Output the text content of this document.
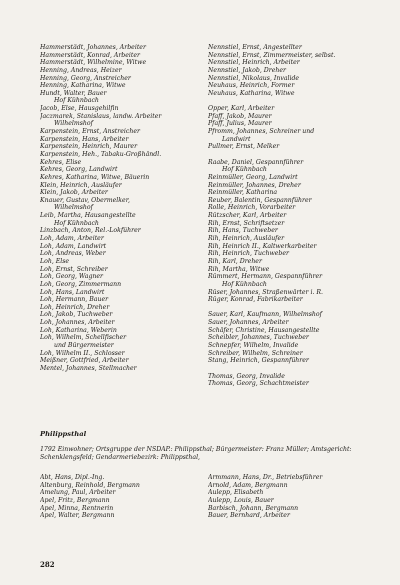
Hammerstädt, Johannes, Arbeiter
Hammerstädt, Konrad, Arbeiter
Hammerstädt, Wilhelmine, Witwe
Henning, Andreas, Heizer
Henning, Georg, Anstreicher
Henning, Katharina, Witwe
Hundt, Walter, Bauer
Hof Kühnbach
Jacob, Else, Hausgehilfin
Jaczmarek, Stanislaus, landw. Arbeiter
Wilhelmshof
Karpenstein, Ernst, Anstreicher
Karpenstein, Hans, Arbeiter
Karpenstein, Heinrich, Maurer
Karpenstein, Heh., Tabaku-Großhändl.
Kehres, Elise
Kehres, Georg, Landwirt
Kehres, Katharina, Witwe, Bäuerin
Klein, Heinrich, Ausläufer
Klein, Jakob, Arbeiter
Knauer, Gustav, Obermelker,
Wilhelmshof
Leib, Martha, Hausangestellte
Hof Kühnbach
Linzbach, Anton, Rel.-Lokführer
Loh, Adam, Arbeiter
Loh, Adam, Landwirt
Loh, Andreas, Weber
Loh, Else
Loh, Ernst, Schreiber
Loh, Georg, Wagner
Loh, Georg, Zimmermann
Loh, Hans, Landwirt
Loh, Hermann, Bauer
Loh, Heinrich, Dreher
Loh, Jakob, Tuchweber
Loh, Johannes, Arbeiter
Loh, Katharina, Weberin
Loh, Wilhelm, Schellfischer
und Bürgermeister
Loh, Wilhelm II., Schlosser
Meißner, Gottfried, Arbeiter
Mentel, Johannes, Stellmacher
Nennstiel, Ernst, Angestellter
Nennstiel, Ernst, Zimmermeister, selbst.
Nennstiel, Heinrich, Arbeiter
Nennstiel, Jakob, Dreher
Nennstiel, Nikolaus, Invalide
Neuhaus, Heinrich, Former
Neuhaus, Katharina, Witwe
Opper, Karl, Arbeiter
Pfaff, Jakob, Maurer
Pfaff, Julius, Maurer
Pfromm, Johannes, Schreiner und
Landwirt
Pullmer, Ernst, Melker
Raabe, Daniel, Gespannführer
Hof Kühnbach
Reinmüller, Georg, Landwirt
Reinmüller, Johannes, Dreher
Reinmüller, Katharina
Reuber, Balentin, Gespannführer
Rolle, Heinrich, Vorarbeiter
Rützscher, Karl, Arbeiter
Rih, Ernst, Schriftsetzer
Rih, Hans, Tuchweber
Rih, Heinrich, Ausläufer
Rih, Heinrich II., Kaltwerkarbeiter
Rih, Heinrich, Tuchweber
Rih, Karl, Dreher
Rih, Martha, Witwe
Rümmert, Hermann, Gespannführer
Hof Kühnbach
Rüser, Johannes, Straßenwärter i. R.
Rüger, Konrad, Fabrikarbeiter
Sauer, Karl, Kaufmann, Wilhelmshof
Sauer, Johannes, Arbeiter
Schäfer, Christine, Hausangestellte
Scheibler, Johannes, Tuchweber
Schnepfer, Wilhelm, Invalide
Schreiber, Wilhelm, Schreiner
Stang, Heinrich, Gespannführer
Thomas, Georg, Invalide
Thomas, Georg, Schachtmeister
Philippsthal
1792 Einwohner; Ortsgruppe der NSDAP.: Philippsthal; Bürgermeister: Franz Müller; Amtsgericht: Schenklengsfeld; Gendarmeriebezirk: Philippsthal,
Abt, Hans, Dipl.-Ing.
Altenburg, Reinhold, Bergmann
Amelung, Paul, Arbeiter
Apel, Fritz, Bergmann
Apel, Minna, Rentnerin
Apel, Walter, Bergmann
Armmann, Hans, Dr., Betriebsführer
Arnold, Adam, Bergmann
Aulepp, Elisabeth
Aulepp, Louis, Bauer
Barbisch, Johann, Bergmann
Bauer, Bernhard, Arbeiter
282
